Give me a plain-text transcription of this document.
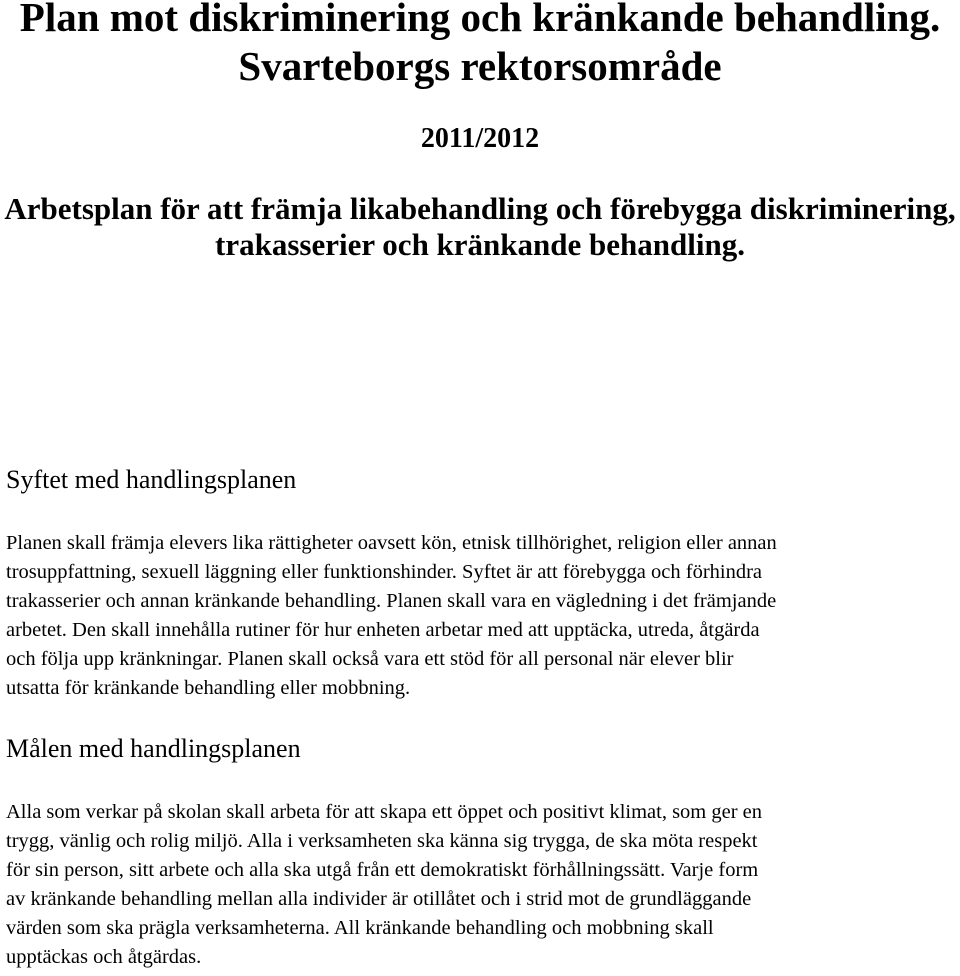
Plan mot diskriminering och kränkande behandling.
Svarteborgs rektorsområde
2011/2012
Arbetsplan för att främja likabehandling och förebygga diskriminering,
trakasserier och kränkande behandling.
Syftet med handlingsplanen
Planen skall främja elevers lika rättigheter oavsett kön, etnisk tillhörighet, religion eller annan
trosuppfattning, sexuell läggning eller funktionshinder. Syftet är att förebygga och förhindra
trakasserier och annan kränkande behandling. Planen skall vara en vägledning i det främjande
arbetet. Den skall innehålla rutiner för hur enheten arbetar med att upptäcka, utreda, åtgärda
och följa upp kränkningar. Planen skall också vara ett stöd för all personal när elever blir
utsatta för kränkande behandling eller mobbning.
Målen med handlingsplanen
Alla som verkar på skolan skall arbeta för att skapa ett öppet och positivt klimat, som ger en
trygg, vänlig och rolig miljö. Alla i verksamheten ska känna sig trygga, de ska möta respekt
för sin person, sitt arbete och alla ska utgå från ett demokratiskt förhållningssätt. Varje form
av kränkande behandling mellan alla individer är otillåtet och i strid mot de grundläggande
värden som ska prägla verksamheterna. All kränkande behandling och mobbning skall
upptäckas och åtgärdas.
